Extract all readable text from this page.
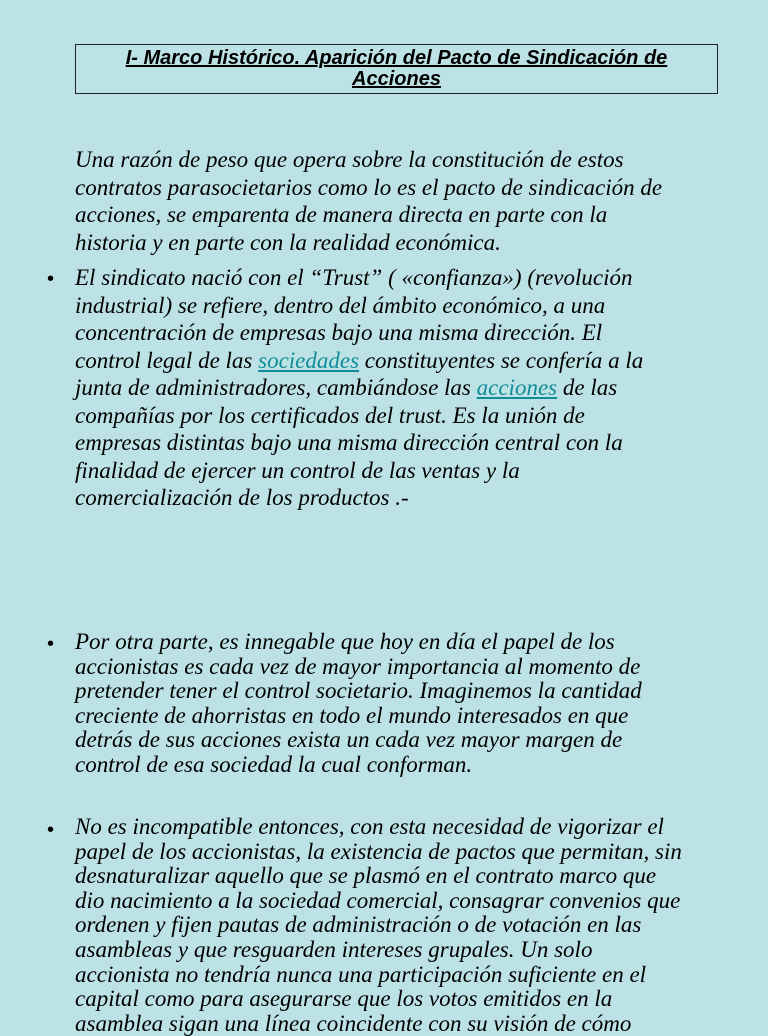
I- Marco Histórico. Aparición del Pacto de Sindicación de
Acciones
Una razón de peso que opera sobre la constitución de estos
contratos parasocietarios como lo es el pacto de sindicación de
acciones, se emparenta de manera directa en parte con la
historia y en parte con la realidad económica.
• El sindicato nació con el “Trust” ( «confianza») (revolución
industrial) se refiere, dentro del ámbito económico, a una
concentración de empresas bajo una misma dirección. El
control legal de las sociedades constituyentes se confería a la
junta de administradores, cambiándose las acciones de las
compañías por los certificados del trust. Es la unión de
empresas distintas bajo una misma dirección central con la
finalidad de ejercer un control de las ventas y la
comercialización de los productos .-
• Por otra parte, es innegable que hoy en día el papel de los
accionistas es cada vez de mayor importancia al momento de
pretender tener el control societario. Imaginemos la cantidad
creciente de ahorristas en todo el mundo interesados en que
detrás de sus acciones exista un cada vez mayor margen de
control de esa sociedad la cual conforman.
• No es incompatible entonces, con esta necesidad de vigorizar el
papel de los accionistas, la existencia de pactos que permitan, sin
desnaturalizar aquello que se plasmó en el contrato marco que
dio nacimiento a la sociedad comercial, consagrar convenios que
ordenen y fijen pautas de administración o de votación en las
asambleas y que resguarden intereses grupales. Un solo
accionista no tendría nunca una participación suficiente en el
capital como para asegurarse que los votos emitidos en la
asamblea sigan una línea coincidente con su visión de cómo
